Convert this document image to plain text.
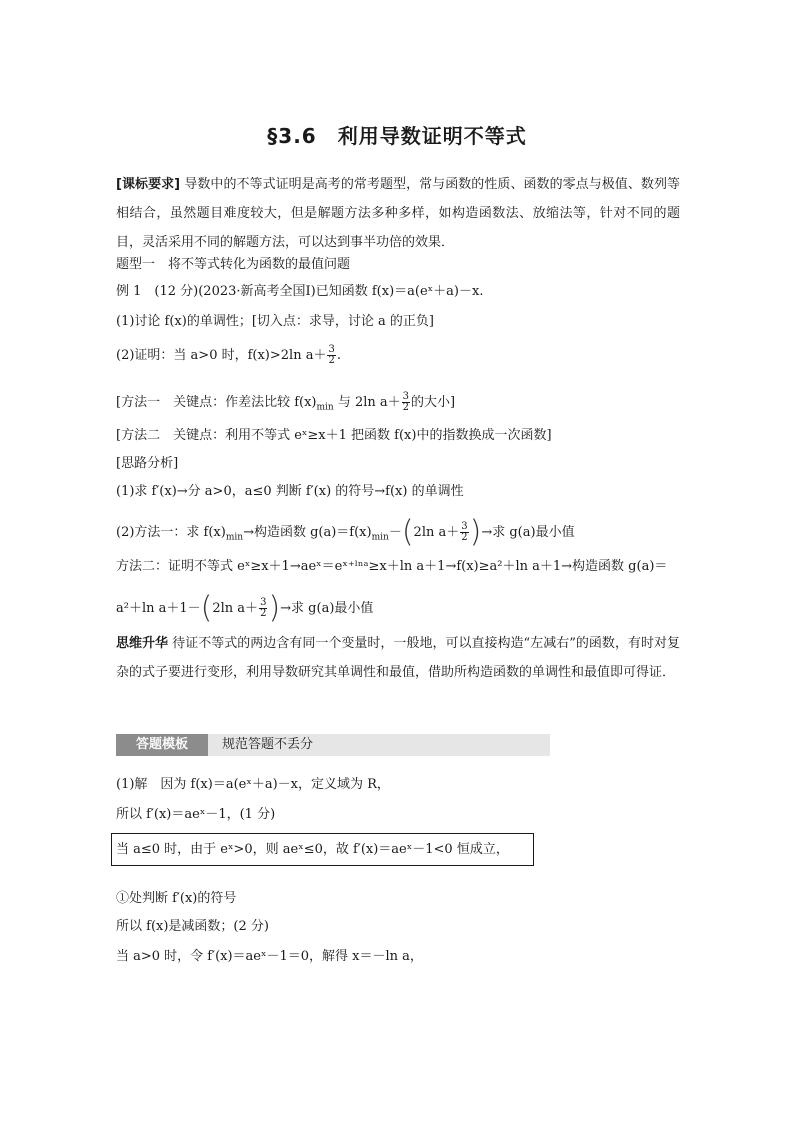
§3.6　利用导数证明不等式
[课标要求] 导数中的不等式证明是高考的常考题型，常与函数的性质、函数的零点与极值、数列等相结合，虽然题目难度较大，但是解题方法多种多样，如构造函数法、放缩法等，针对不同的题目，灵活采用不同的解题方法，可以达到事半功倍的效果．
题型一　将不等式转化为函数的最值问题
例 1　(12 分)(2023·新高考全国Ⅰ)已知函数 f(x)＝a(eˣ＋a)－x.
(1)讨论 f(x)的单调性；[切入点：求导，讨论 a 的正负]
(2)证明：当 a>0 时，f(x)>2ln $a+ \frac{3}{2}$ .
[方法一　关键点：作差法比较 $f(x)_{min}$ 与 2ln $a+ \frac{3}{2}$ 的大小]
[方法二　关键点：利用不等式 eˣ≥x＋1 把函数 f(x)中的指数换成一次函数]
[思路分析]
(1)求 f′(x)→分 a>0，a≤0 判断 f′(x) 的符号→f(x) 的单调性
(2)方法一：求 $f(x)_{min}\to$构造函数 $g(a)=f(x)_{min}-(2\ln$ $a+ \frac{3}{2}$ )→求 g(a)最小值
方法二：证明不等式 eˣ≥x＋1→aeˣ＝eˣ⁺ˡⁿᵃ≥x＋ln a＋1→f(x)≥a²＋ln a＋1→构造函数 g(a)＝
a²＋ln a＋1－(2ln $a+ \frac{3}{2}$ )→求 g(a)最小值
思维升华 待证不等式的两边含有同一个变量时，一般地，可以直接构造“左减右”的函数，有时对复杂的式子要进行变形，利用导数研究其单调性和最值，借助所构造函数的单调性和最值即可得证．
答题模板	规范答题不丢分
(1)解　因为 f(x)＝a(eˣ＋a)－x，定义域为 R，
所以 f′(x)＝aeˣ－1，(1 分)
当 a≤0 时，由于 eˣ>0，则 aeˣ≤0，故 f′(x)＝aeˣ－1<0 恒成立，
①处判断 f′(x)的符号
所以 f(x)是减函数；(2 分)
当 a>0 时，令 f′(x)＝aeˣ－1＝0，解得 x＝－ln a，
